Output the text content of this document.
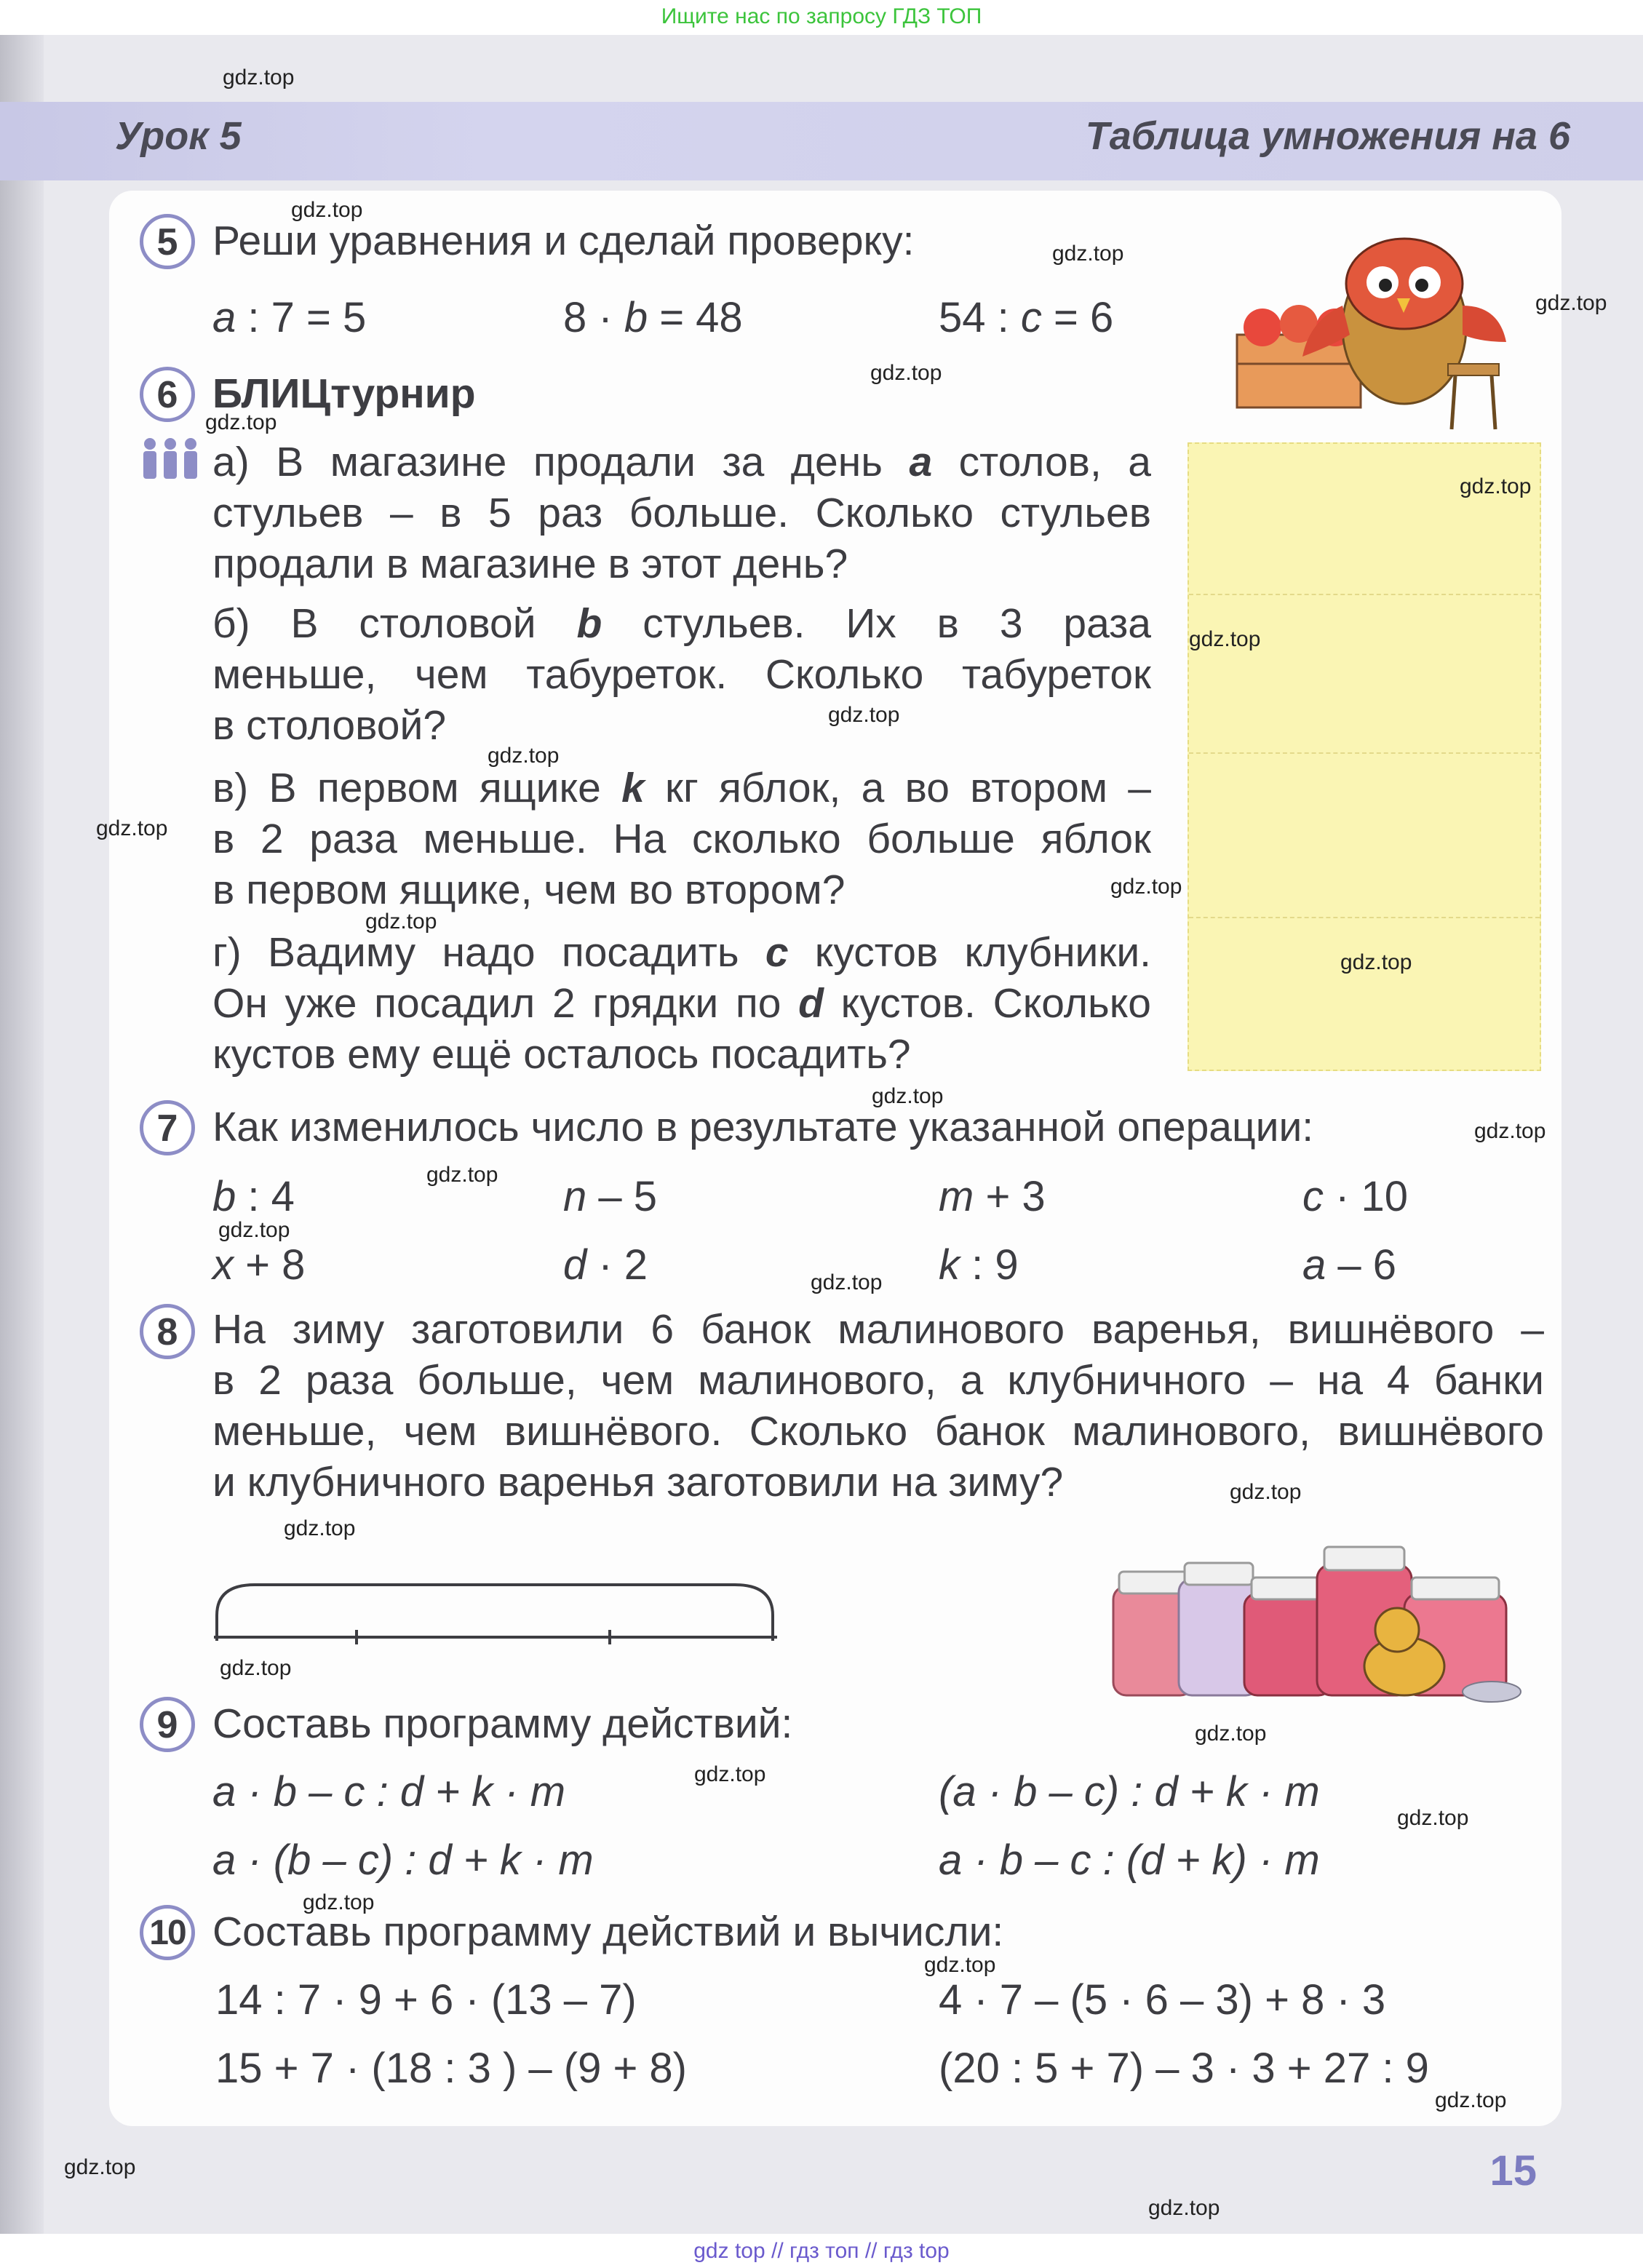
Ищите нас по запросу ГДЗ ТОП
Урок 5	Таблица умножения на 6
5 Реши уравнения и сделай проверку:
a : 7 = 5	8 · b = 48	54 : c = 6
6 БЛИЦтурнир
а) В магазине продали за день a столов, а
стульев – в 5 раз больше. Сколько стульев
продали в магазине в этот день?
б) В столовой b стульев. Их в 3 раза
меньше, чем табуреток. Сколько табуреток
в столовой?
в) В первом ящике k кг яблок, а во втором –
в 2 раза меньше. На сколько больше яблок
в первом ящике, чем во втором?
г) Вадиму надо посадить c кустов клубники.
Он уже посадил 2 грядки по d кустов. Сколько
кустов ему ещё осталось посадить?
7 Как изменилось число в результате указанной операции:
b : 4	n – 5	m + 3	c · 10
x + 8	d · 2	k : 9	a – 6
8 На зиму заготовили 6 банок малинового варенья, вишнёвого –
в 2 раза больше, чем малинового, а клубничного – на 4 банки
меньше, чем вишнёвого. Сколько банок малинового, вишнёвого
и клубничного варенья заготовили на зиму?
9 Составь программу действий:
a · b – c : d + k · m	(a · b – c) : d + k · m
a · (b – c) : d + k · m	a · b – c : (d + k) · m
10 Составь программу действий и вычисли:
14 : 7 · 9 + 6 · (13 – 7)	4 · 7 – (5 · 6 – 3) + 8 · 3
15 + 7 · (18 : 3 ) – (9 + 8)	(20 : 5 + 7) – 3 · 3 + 27 : 9
15
gdz.top
gdz.top
gdz.top
gdz.top
gdz.top
gdz.top
gdz.top
gdz.top
gdz.top
gdz.top
gdz.top
gdz.top
gdz.top
gdz.top
gdz.top
gdz.top
gdz.top
gdz.top
gdz.top
gdz.top
gdz.top
gdz.top
gdz.top
gdz.top
gdz.top
gdz.top
gdz.top
gdz.top
gdz.top
gdz.top
gdz top // гдз топ // гдз top
